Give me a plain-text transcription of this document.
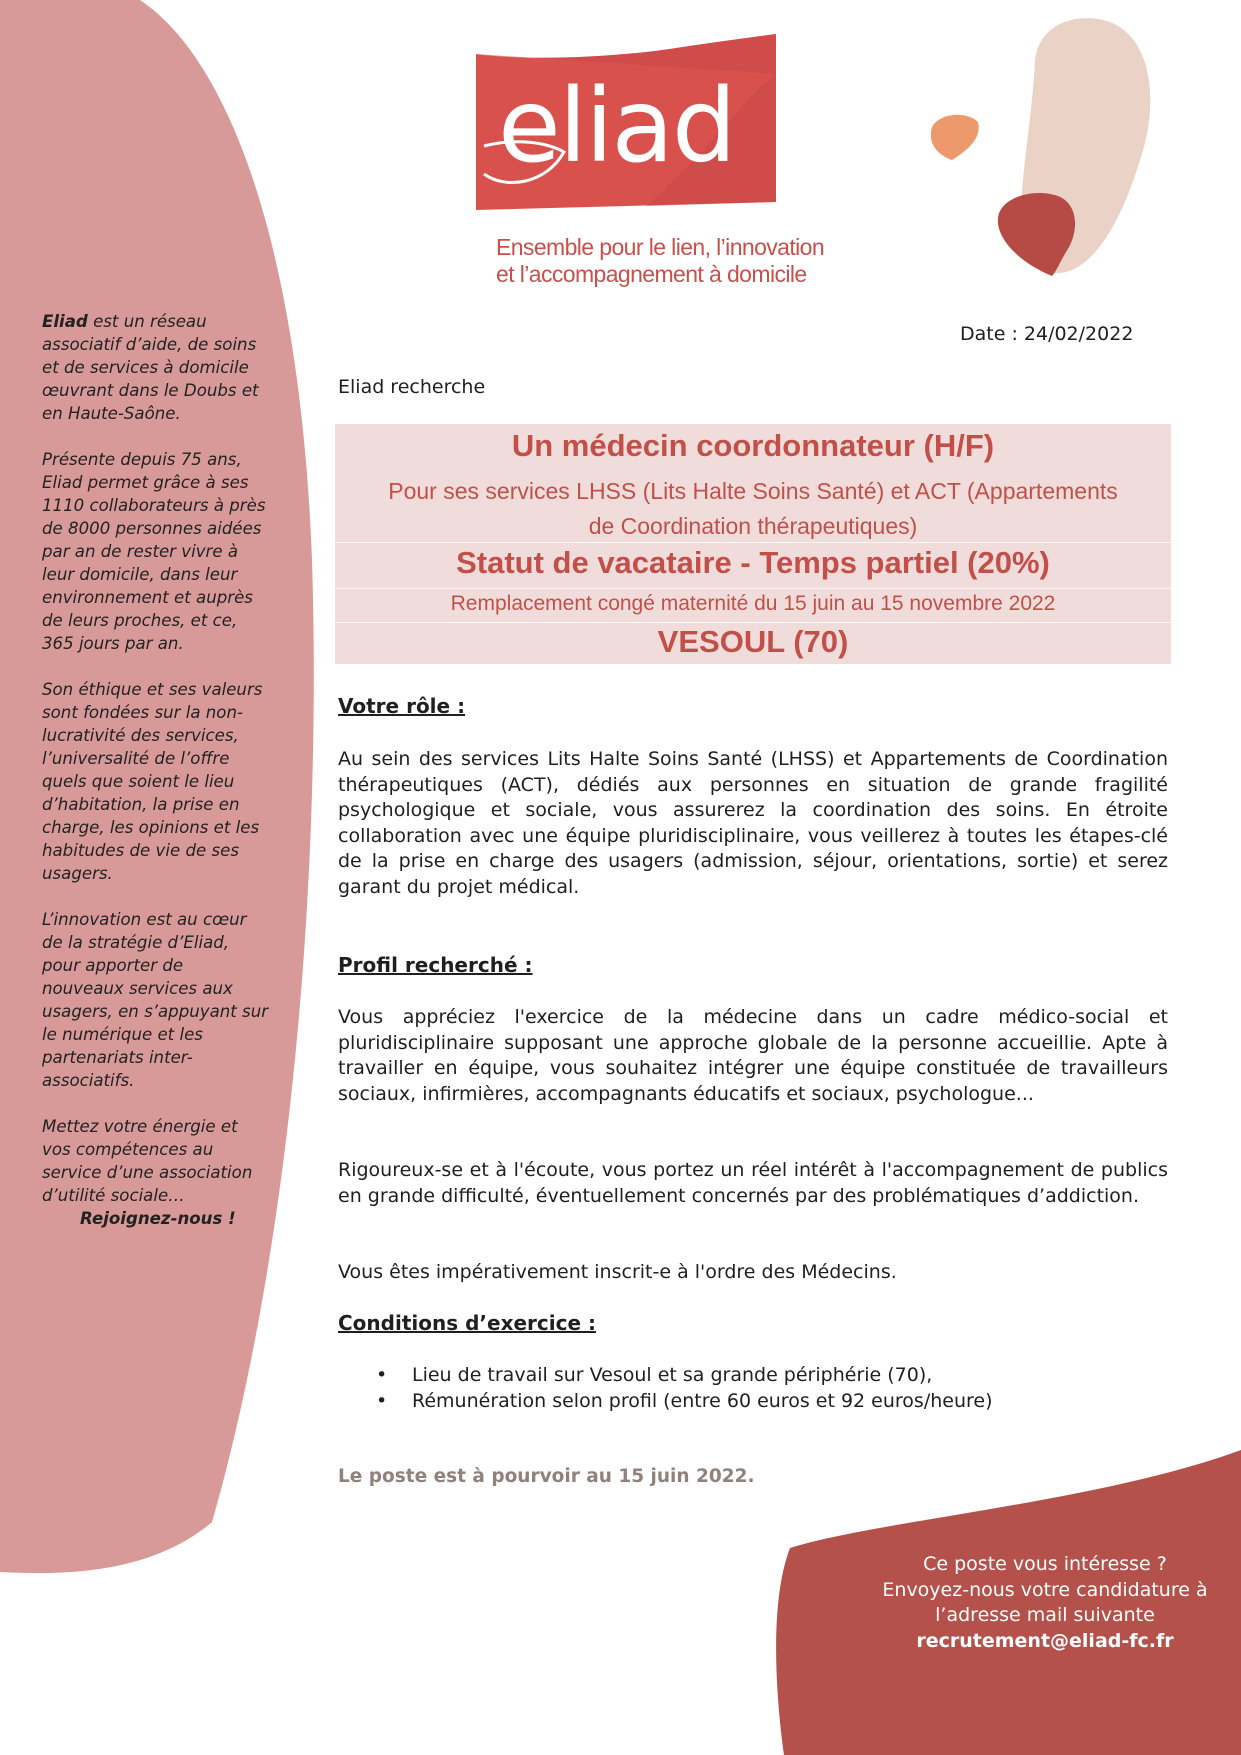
eliad
Ensemble pour le lien, l’innovation
et l’accompagnement à domicile

Eliad est un réseau associatif d’aide, de soins et de services à domicile œuvrant dans le Doubs et en Haute-Saône.

Présente depuis 75 ans, Eliad permet grâce à ses 1110 collaborateurs à près de 8000 personnes aidées par an de rester vivre à leur domicile, dans leur environnement et auprès de leurs proches, et ce, 365 jours par an.

Son éthique et ses valeurs sont fondées sur la non-lucrativité des services, l’universalité de l’offre quels que soient le lieu d’habitation, la prise en charge, les opinions et les habitudes de vie de ses usagers.

L’innovation est au cœur de la stratégie d’Eliad, pour apporter de nouveaux services aux usagers, en s’appuyant sur le numérique et les partenariats inter-associatifs.

Mettez votre énergie et vos compétences au service d’une association d’utilité sociale…

Rejoignez-nous !
Date : 24/02/2022
Eliad recherche
Un médecin coordonnateur (H/F)
Pour ses services LHSS (Lits Halte Soins Santé) et ACT (Appartements
de Coordination thérapeutiques)
Statut de vacataire - Temps partiel (20%)
Remplacement congé maternité du 15 juin au 15 novembre 2022
VESOUL (70)
Votre rôle :
Au sein des services Lits Halte Soins Santé (LHSS) et Appartements de Coordination thérapeutiques (ACT), dédiés aux personnes en situation de grande fragilité psychologique et sociale, vous assurerez la coordination des soins. En étroite collaboration avec une équipe pluridisciplinaire, vous veillerez à toutes les étapes-clé de la prise en charge des usagers (admission, séjour, orientations, sortie) et serez garant du projet médical.
Profil recherché :
Vous appréciez l'exercice de la médecine dans un cadre médico-social et pluridisciplinaire supposant une approche globale de la personne accueillie. Apte à travailler en équipe, vous souhaitez intégrer une équipe constituée de travailleurs sociaux, infirmières, accompagnants éducatifs et sociaux, psychologue...
Rigoureux-se et à l'écoute, vous portez un réel intérêt à l'accompagnement de publics en grande difficulté, éventuellement concernés par des problématiques d’addiction.
Vous êtes impérativement inscrit-e à l'ordre des Médecins.
Conditions d’exercice :
• Lieu de travail sur Vesoul et sa grande périphérie (70),
• Rémunération selon profil (entre 60 euros et 92 euros/heure)
Le poste est à pourvoir au 15 juin 2022.
Ce poste vous intéresse ?
Envoyez-nous votre candidature à
l’adresse mail suivante
recrutement@eliad-fc.fr
